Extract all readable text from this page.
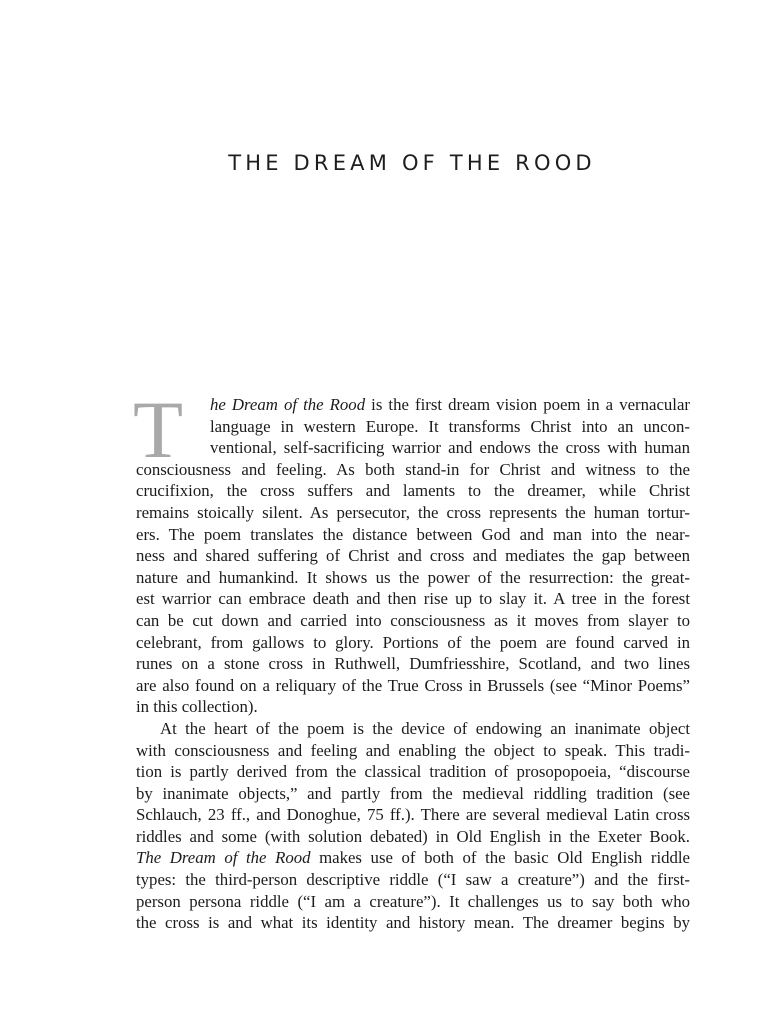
THE DREAM OF THE ROOD
T	he Dream of the Rood is the first dream vision poem in a vernacular
language in western Europe. It transforms Christ into an uncon-
ventional, self-sacrificing warrior and endows the cross with human
consciousness and feeling. As both stand-in for Christ and witness to the
crucifixion, the cross suffers and laments to the dreamer, while Christ
remains stoically silent. As persecutor, the cross represents the human tortur-
ers. The poem translates the distance between God and man into the near-
ness and shared suffering of Christ and cross and mediates the gap between
nature and humankind. It shows us the power of the resurrection: the great-
est warrior can embrace death and then rise up to slay it. A tree in the forest
can be cut down and carried into consciousness as it moves from slayer to
celebrant, from gallows to glory. Portions of the poem are found carved in
runes on a stone cross in Ruthwell, Dumfriesshire, Scotland, and two lines
are also found on a reliquary of the True Cross in Brussels (see “Minor Poems”
in this collection).
At the heart of the poem is the device of endowing an inanimate object
with consciousness and feeling and enabling the object to speak. This tradi-
tion is partly derived from the classical tradition of prosopopoeia, “discourse
by inanimate objects,” and partly from the medieval riddling tradition (see
Schlauch, 23 ff., and Donoghue, 75 ff.). There are several medieval Latin cross
riddles and some (with solution debated) in Old English in the Exeter Book.
The Dream of the Rood makes use of both of the basic Old English riddle
types: the third-person descriptive riddle (“I saw a creature”) and the first-
person persona riddle (“I am a creature”). It challenges us to say both who
the cross is and what its identity and history mean. The dreamer begins by
